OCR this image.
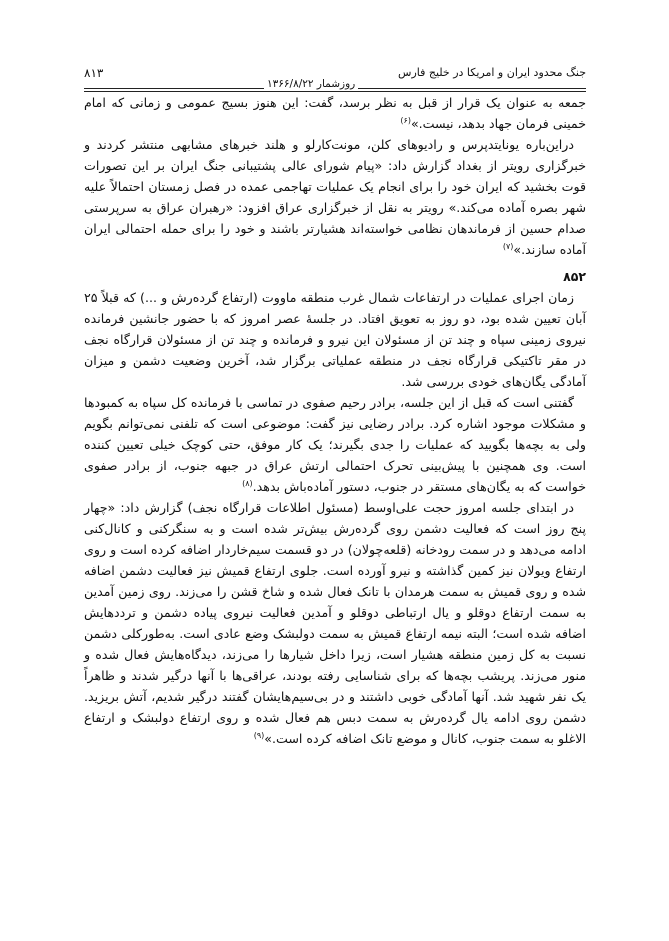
جنگ محدود ایران و امریکا در خلیج فارس
روزشمار ۱۳۶۶/۸/۲۲
۸۱۳

جمعه به عنوان یک قرار از قبل به نظر برسد، گفت: این هنوز بسیج عمومی و زمانی که امام خمینی فرمان جهاد بدهد، نیست.»$^{(۶)}$

دراین‌باره یونایتدپرس و رادیوهای کلن، مونت‌کارلو و هلند خبرهای مشابهی منتشر کردند و خبرگزاری رویتر از بغداد گزارش داد: «پیام شورای عالی پشتیبانی جنگ ایران بر این تصورات قوت بخشید که ایران خود را برای انجام یک عملیات تهاجمی عمده در فصل زمستان احتمالاً علیه شهر بصره آماده می‌کند.» رویتر به نقل از خبرگزاری عراق افزود: «رهبران عراق به سرپرستی صدام حسین از فرماندهان نظامی خواسته‌اند هشیارتر باشند و خود را برای حمله احتمالی ایران آماده سازند.»$^{(۷)}$

۸۵۲

زمان اجرای عملیات در ارتفاعات شمال غرب منطقه ماووت (ارتفاع گرده‌رش و ...) که قبلاً ۲۵ آبان تعیین شده بود، دو روز به تعویق افتاد. در جلسهٔ عصر امروز که با حضور جانشین فرمانده نیروی زمینی سپاه و چند تن از مسئولان این نیرو و فرمانده و چند تن از مسئولان قرارگاه نجف در مقر تاکتیکی قرارگاه نجف در منطقه عملیاتی برگزار شد، آخرین وضعیت دشمن و میزان آمادگی یگان‌های خودی بررسی شد.

گفتنی است که قبل از این جلسه، برادر رحیم صفوی در تماسی با فرمانده کل سپاه به کمبودها و مشکلات موجود اشاره کرد. برادر رضایی نیز گفت: موضوعی است که تلفنی نمی‌توانم بگویم ولی به بچه‌ها بگویید که عملیات را جدی بگیرند؛ یک کار موفق، حتی کوچک خیلی تعیین کننده است. وی همچنین با پیش‌بینی تحرک احتمالی ارتش عراق در جبهه جنوب، از برادر صفوی خواست که به یگان‌های مستقر در جنوب، دستور آماده‌باش بدهد.$^{(۸)}$

در ابتدای جلسه امروز حجت علی‌اوسط (مسئول اطلاعات قرارگاه نجف) گزارش داد: «چهار پنج روز است که فعالیت دشمن روی گرده‌رش بیش‌تر شده است و به سنگرکنی و کانال‌کنی ادامه می‌دهد و در سمت رودخانه (قلعه‌چولان) در دو قسمت سیم‌خاردار اضافه کرده است و روی ارتفاع ویولان نیز کمین گذاشته و نیرو آورده است. جلوی ارتفاع قمیش نیز فعالیت دشمن اضافه شده و روی قمیش به سمت هرمدان با تانک فعال شده و شاخ قشن را می‌زند. روی زمین آمدین به سمت ارتفاع دوقلو و یال ارتباطی دوقلو و آمدین فعالیت نیروی پیاده دشمن و ترددهایش اضافه شده است؛ البته نیمه ارتفاع قمیش به سمت دولبشک وضع عادی است. به‌طورکلی دشمن نسبت به کل زمین منطقه هشیار است، زیرا داخل شیارها را می‌زند، دیدگاه‌هایش فعال شده و منور می‌زند. پریشب بچه‌ها که برای شناسایی رفته بودند، عراقی‌ها با آنها درگیر شدند و ظاهراً یک نفر شهید شد. آنها آمادگی خوبی داشتند و در بی‌سیم‌هایشان گفتند درگیر شدیم، آتش بریزید. دشمن روی ادامه یال گرده‌رش به سمت دبس هم فعال شده و روی ارتفاع دولبشک و ارتفاع الاغلو به سمت جنوب، کانال و موضع تانک اضافه کرده است.»$^{(۹)}$
